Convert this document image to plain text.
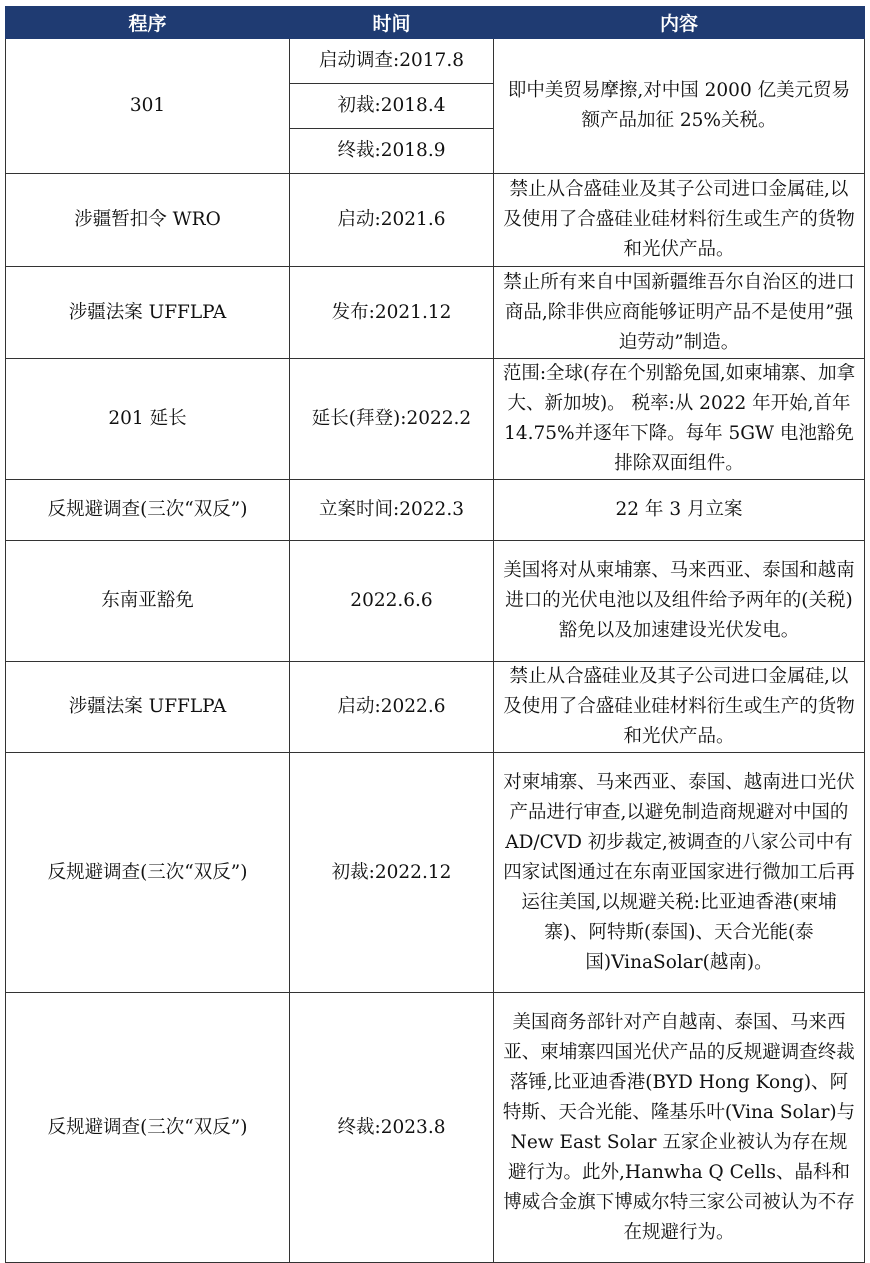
程序	时间	内容
301	启动调查:2017.8	即中美贸易摩擦,对中国 2000 亿美元贸易额产品加征 25%关税。
	初裁:2018.4	
	终裁:2018.9	
涉疆暂扣令 WRO	启动:2021.6	禁止从合盛硅业及其子公司进口金属硅,以及使用了合盛硅业硅材料衍生或生产的货物和光伏产品。
涉疆法案 UFFLPA	发布:2021.12	禁止所有来自中国新疆维吾尔自治区的进口商品,除非供应商能够证明产品不是使用”强迫劳动”制造。
201 延长	延长(拜登):2022.2	范围:全球(存在个别豁免国,如柬埔寨、加拿大、新加坡)。 税率:从 2022 年开始,首年 14.75%并逐年下降。每年 5GW 电池豁免排除双面组件。
反规避调查(三次“双反”)	立案时间:2022.3	22 年 3 月立案
东南亚豁免	2022.6.6	美国将对从柬埔寨、马来西亚、泰国和越南进口的光伏电池以及组件给予两年的(关税)豁免以及加速建设光伏发电。
涉疆法案 UFFLPA	启动:2022.6	禁止从合盛硅业及其子公司进口金属硅,以及使用了合盛硅业硅材料衍生或生产的货物和光伏产品。
反规避调查(三次“双反”)	初裁:2022.12	对柬埔寨、马来西亚、泰国、越南进口光伏产品进行审查,以避免制造商规避对中国的 AD/CVD 初步裁定,被调查的八家公司中有四家试图通过在东南亚国家进行微加工后再运往美国,以规避关税:比亚迪香港(柬埔寨)、阿特斯(泰国)、天合光能(泰国)VinaSolar(越南)。
反规避调查(三次“双反”)	终裁:2023.8	美国商务部针对产自越南、泰国、马来西亚、柬埔寨四国光伏产品的反规避调查终裁落锤,比亚迪香港(BYD Hong Kong)、阿特斯、天合光能、隆基乐叶(Vina Solar)与 New East Solar 五家企业被认为存在规避行为。此外,Hanwha Q Cells、晶科和博威合金旗下博威尔特三家公司被认为不存在规避行为。
